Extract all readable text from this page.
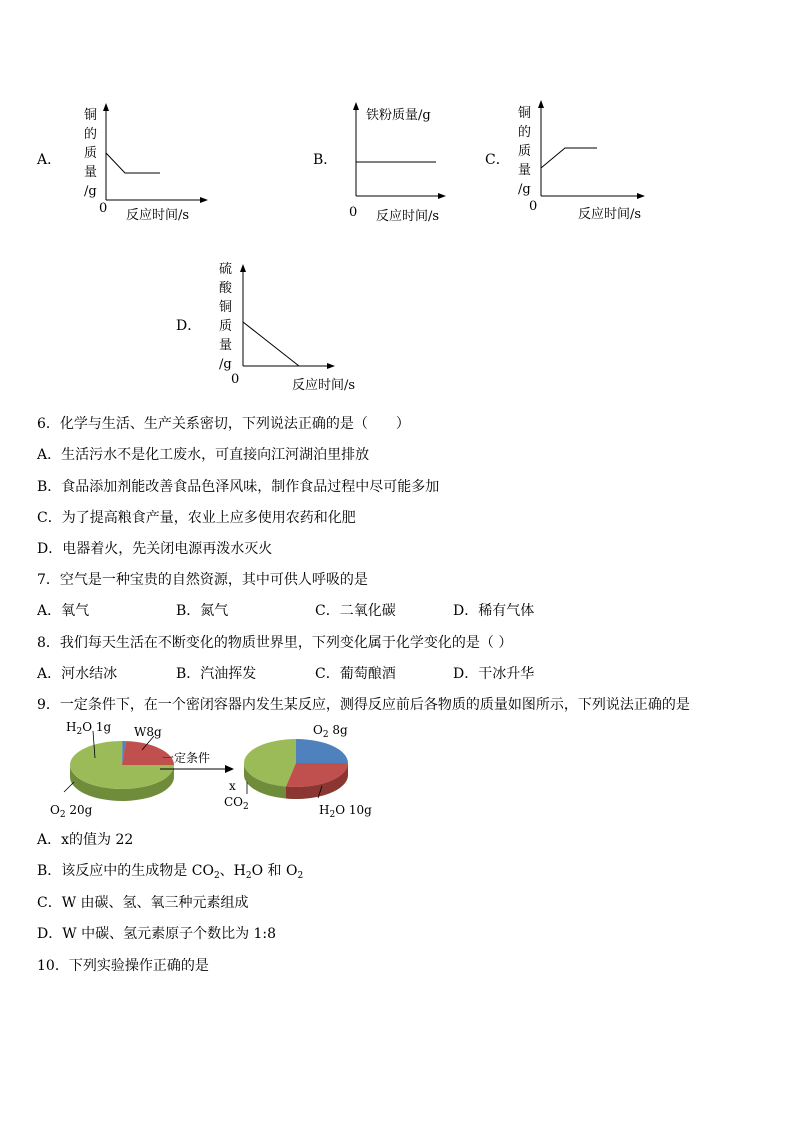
A．
铜
的
质
量
/g
0 反应时间/s
B．
铁粉质量/g
0 反应时间/s
C．
铜
的
质
量
/g
0
反应时间/s
D．
硫
酸
铜
质
量
/g
0	反应时间/s
6．化学与生活、生产关系密切，下列说法正确的是（　　）
A．生活污水不是化工废水，可直接向江河湖泊里排放
B．食品添加剂能改善食品色泽风味，制作食品过程中尽可能多加
C．为了提高粮食产量，农业上应多使用农药和化肥
D．电器着火，先关闭电源再泼水灭火
7．空气是一种宝贵的自然资源，其中可供人呼吸的是
A．氧气	B．氮气	C．二氧化碳	D．稀有气体
8．我们每天生活在不断变化的物质世界里，下列变化属于化学变化的是（ ）
A．河水结冰	B．汽油挥发	C．葡萄酿酒	D．干冰升华
9．一定条件下，在一个密闭容器内发生某反应，测得反应前后各物质的质量如图所示，下列说法正确的是
$H_2O$ 1g W8g
$O_2$ 20g
一定条件
$O_2$ 8g
x
$CO_2$	$H_2O$ 10g
A．x的值为 22
B．该反应中的生成物是 $CO_2$、$H_2O$ 和 $O_2$
C．W 由碳、氢、氧三种元素组成
D．W 中碳、氢元素原子个数比为 1:8
10．下列实验操作正确的是
